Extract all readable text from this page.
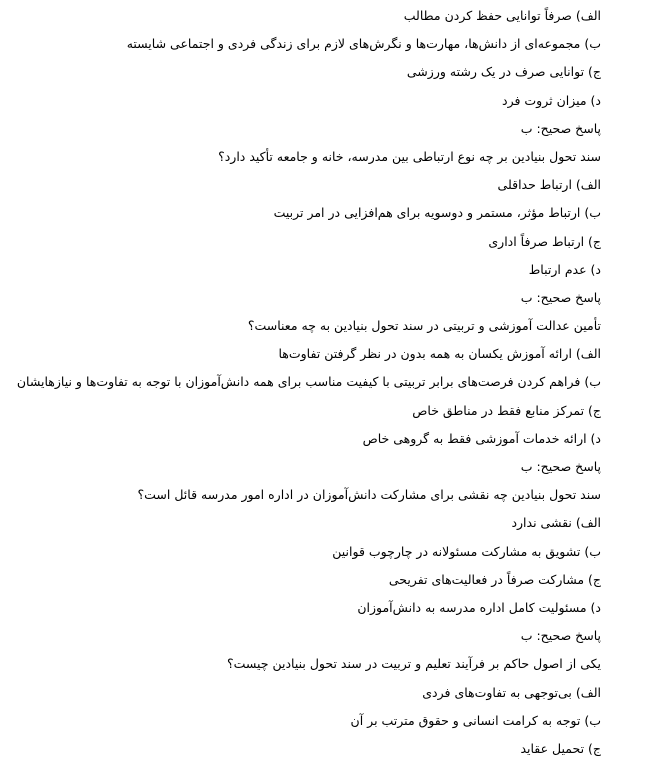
الف) صرفاً توانایی حفظ کردن مطالب
ب) مجموعه‌ای از دانش‌ها، مهارت‌ها و نگرش‌های لازم برای زندگی فردی و اجتماعی شایسته
ج) توانایی صرف در یک رشته ورزشی
د) میزان ثروت فرد
پاسخ صحیح: ب
سند تحول بنیادین بر چه نوع ارتباطی بین مدرسه، خانه و جامعه تأکید دارد؟
الف) ارتباط حداقلی
ب) ارتباط مؤثر، مستمر و دوسویه برای هم‌افزایی در امر تربیت
ج) ارتباط صرفاً اداری
د) عدم ارتباط
پاسخ صحیح: ب
تأمین عدالت آموزشی و تربیتی در سند تحول بنیادین به چه معناست؟
الف) ارائه آموزش یکسان به همه بدون در نظر گرفتن تفاوت‌ها
ب) فراهم کردن فرصت‌های برابر تربیتی با کیفیت مناسب برای همه دانش‌آموزان با توجه به تفاوت‌ها و نیازهایشان
ج) تمرکز منابع فقط در مناطق خاص
د) ارائه خدمات آموزشی فقط به گروهی خاص
پاسخ صحیح: ب
سند تحول بنیادین چه نقشی برای مشارکت دانش‌آموزان در اداره امور مدرسه قائل است؟
الف) نقشی ندارد
ب) تشویق به مشارکت مسئولانه در چارچوب قوانین
ج) مشارکت صرفاً در فعالیت‌های تفریحی
د) مسئولیت کامل اداره مدرسه به دانش‌آموزان
پاسخ صحیح: ب
یکی از اصول حاکم بر فرآیند تعلیم و تربیت در سند تحول بنیادین چیست؟
الف) بی‌توجهی به تفاوت‌های فردی
ب) توجه به کرامت انسانی و حقوق مترتب بر آن
ج) تحمیل عقاید
